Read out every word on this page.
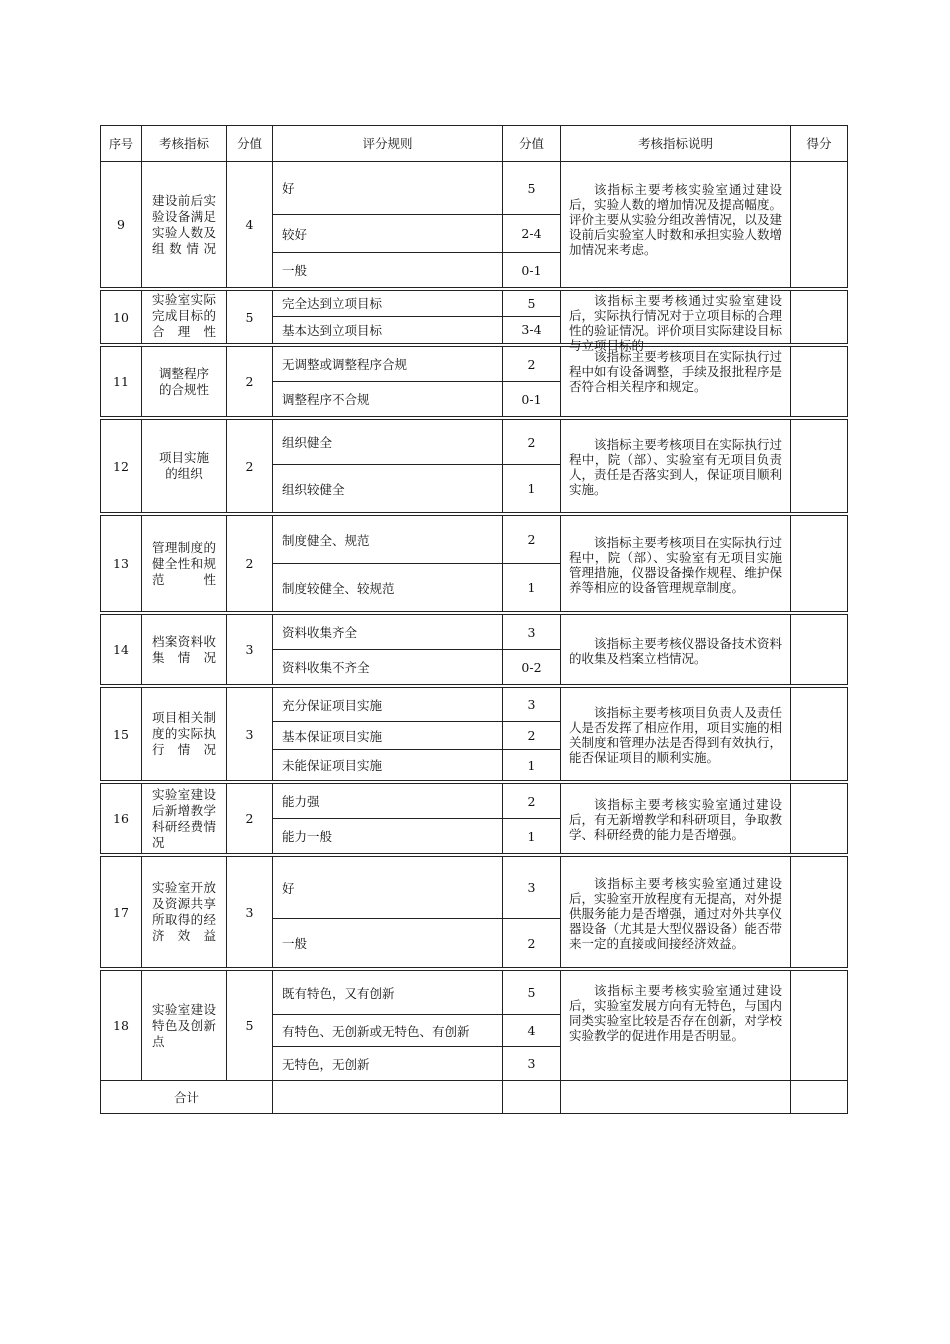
序号	考核指标	分值	评分规则	分值	考核指标说明	得分
9	建设前后实验设备满足实验人数及组数情况	4	好	5	该指标主要考核实验室通过建设后，实验人数的增加情况及提高幅度。评价主要从实验分组改善情况，以及建设前后实验室人时数和承担实验人数增加情况来考虑。	
			较好	2-4		
			一般	0-1		

10	实验室实际完成目标的合理性	5	完全达到立项目标	5	该指标主要考核通过实验室建设后，实际执行情况对于立项目标的合理性的验证情况。评价项目实际建设目标与立项目标的	

			基本达到立项目标	3-4		

11	调整程序的合规性	2	无调整或调整程序合规	2	该指标主要考核项目在实际执行过程中如有设备调整，手续及报批程序是否符合相关程序和规定。	
			调整程序不合规	0-1		

12	项目实施的组织	2	组织健全	2	该指标主要考核项目在实际执行过程中，院（部）、实验室有无项目负责人，责任是否落实到人，保证项目顺利实施。	
			组织较健全	1		

13	管理制度的健全性和规范性	2	制度健全、规范	2	该指标主要考核项目在实际执行过程中，院（部）、实验室有无项目实施管理措施，仪器设备操作规程、维护保养等相应的设备管理规章制度。	
			制度较健全、较规范	1		

14	档案资料收集情况	3	资料收集齐全	3	该指标主要考核仪器设备技术资料的收集及档案立档情况。	
			资料收集不齐全	0-2		

15	项目相关制度的实际执行情况	3	充分保证项目实施	3	该指标主要考核项目负责人及责任人是否发挥了相应作用，项目实施的相关制度和管理办法是否得到有效执行，能否保证项目的顺利实施。	
			基本保证项目实施	2		
			未能保证项目实施	1		

16	实验室建设后新增教学科研经费情况	2	能力强	2	该指标主要考核实验室通过建设后，有无新增教学和科研项目，争取教学、科研经费的能力是否增强。	
			能力一般	1		

17	实验室开放及资源共享所取得的经济效益	3	好	3	该指标主要考核实验室通过建设后，实验室开放程度有无提高，对外提供服务能力是否增强，通过对外共享仪器设备（尤其是大型仪器设备）能否带来一定的直接或间接经济效益。	
			一般	2		

18	实验室建设特色及创新点	5	既有特色，又有创新	5	该指标主要考核实验室通过建设后，实验室发展方向有无特色，与国内同类实验室比较是否存在创新，对学校实验教学的促进作用是否明显。	
			有特色、无创新或无特色、有创新	4		
			无特色，无创新	3		
合计						
